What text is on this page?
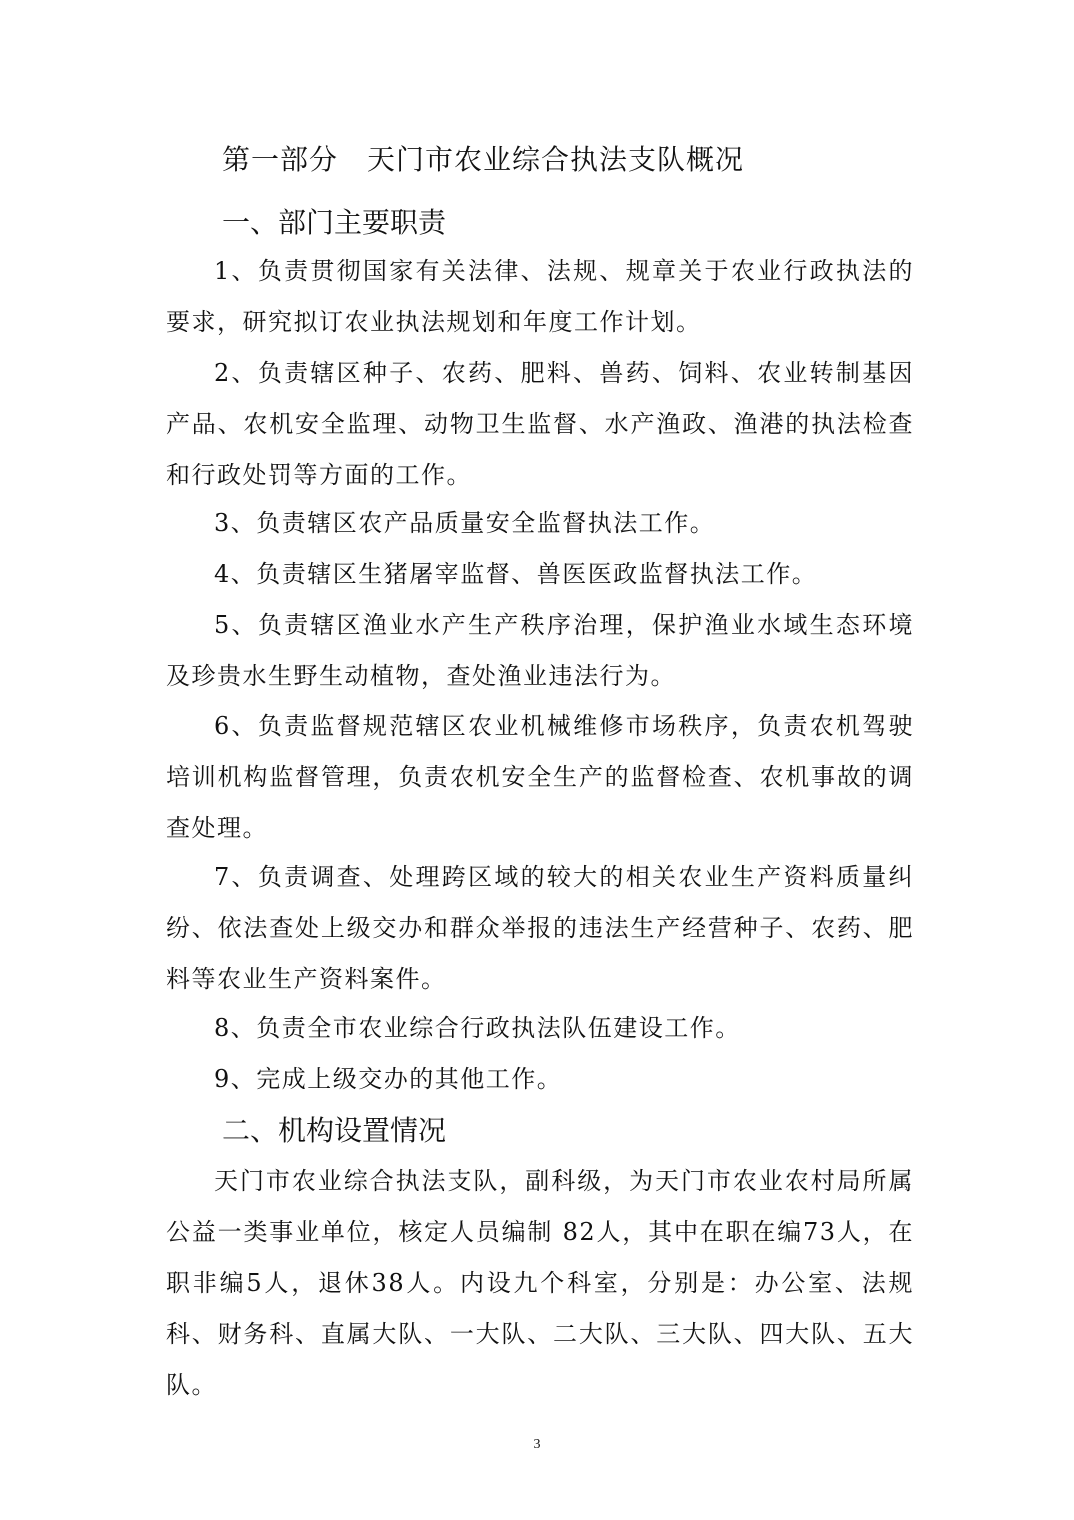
第一部分　天门市农业综合执法支队概况
一、部门主要职责

1、负责贯彻国家有关法律、法规、规章关于农业行政执法的要求，研究拟订农业执法规划和年度工作计划。

2、负责辖区种子、农药、肥料、兽药、饲料、农业转制基因产品、农机安全监理、动物卫生监督、水产渔政、渔港的执法检查和行政处罚等方面的工作。

3、负责辖区农产品质量安全监督执法工作。

4、负责辖区生猪屠宰监督、兽医医政监督执法工作。

5、负责辖区渔业水产生产秩序治理，保护渔业水域生态环境及珍贵水生野生动植物，查处渔业违法行为。

6、负责监督规范辖区农业机械维修市场秩序，负责农机驾驶培训机构监督管理，负责农机安全生产的监督检查、农机事故的调查处理。

7、负责调查、处理跨区域的较大的相关农业生产资料质量纠纷、依法查处上级交办和群众举报的违法生产经营种子、农药、肥料等农业生产资料案件。

8、负责全市农业综合行政执法队伍建设工作。

9、完成上级交办的其他工作。

二、机构设置情况

天门市农业综合执法支队，副科级，为天门市农业农村局所属公益一类事业单位，核定人员编制 82人，其中在职在编73人，在职非编5人，退休38人。内设九个科室，分别是：办公室、法规科、财务科、直属大队、一大队、二大队、三大队、四大队、五大队。

3
